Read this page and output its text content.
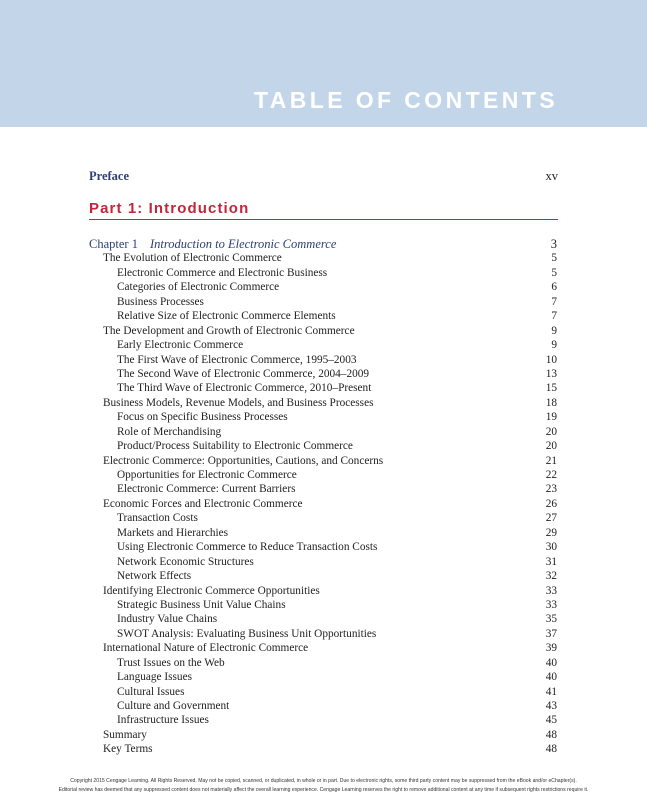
TABLE OF CONTENTS
Preface	xv
Part 1: Introduction
Chapter 1 Introduction to Electronic Commerce	3
The Evolution of Electronic Commerce	5
Electronic Commerce and Electronic Business	5
Categories of Electronic Commerce	6
Business Processes	7
Relative Size of Electronic Commerce Elements	7
The Development and Growth of Electronic Commerce	9
Early Electronic Commerce	9
The First Wave of Electronic Commerce, 1995–2003	10
The Second Wave of Electronic Commerce, 2004–2009	13
The Third Wave of Electronic Commerce, 2010–Present	15
Business Models, Revenue Models, and Business Processes	18
Focus on Specific Business Processes	19
Role of Merchandising	20
Product/Process Suitability to Electronic Commerce	20
Electronic Commerce: Opportunities, Cautions, and Concerns	21
Opportunities for Electronic Commerce	22
Electronic Commerce: Current Barriers	23
Economic Forces and Electronic Commerce	26
Transaction Costs	27
Markets and Hierarchies	29
Using Electronic Commerce to Reduce Transaction Costs	30
Network Economic Structures	31
Network Effects	32
Identifying Electronic Commerce Opportunities	33
Strategic Business Unit Value Chains	33
Industry Value Chains	35
SWOT Analysis: Evaluating Business Unit Opportunities	37
International Nature of Electronic Commerce	39
Trust Issues on the Web	40
Language Issues	40
Cultural Issues	41
Culture and Government	43
Infrastructure Issues	45
Summary	48
Key Terms	48
Copyright 2015 Cengage Learning. All Rights Reserved. May not be copied, scanned, or duplicated, in whole or in part. Due to electronic rights, some third party content may be suppressed from the eBook and/or eChapter(s).
Editorial review has deemed that any suppressed content does not materially affect the overall learning experience. Cengage Learning reserves the right to remove additional content at any time if subsequent rights restrictions require it.
